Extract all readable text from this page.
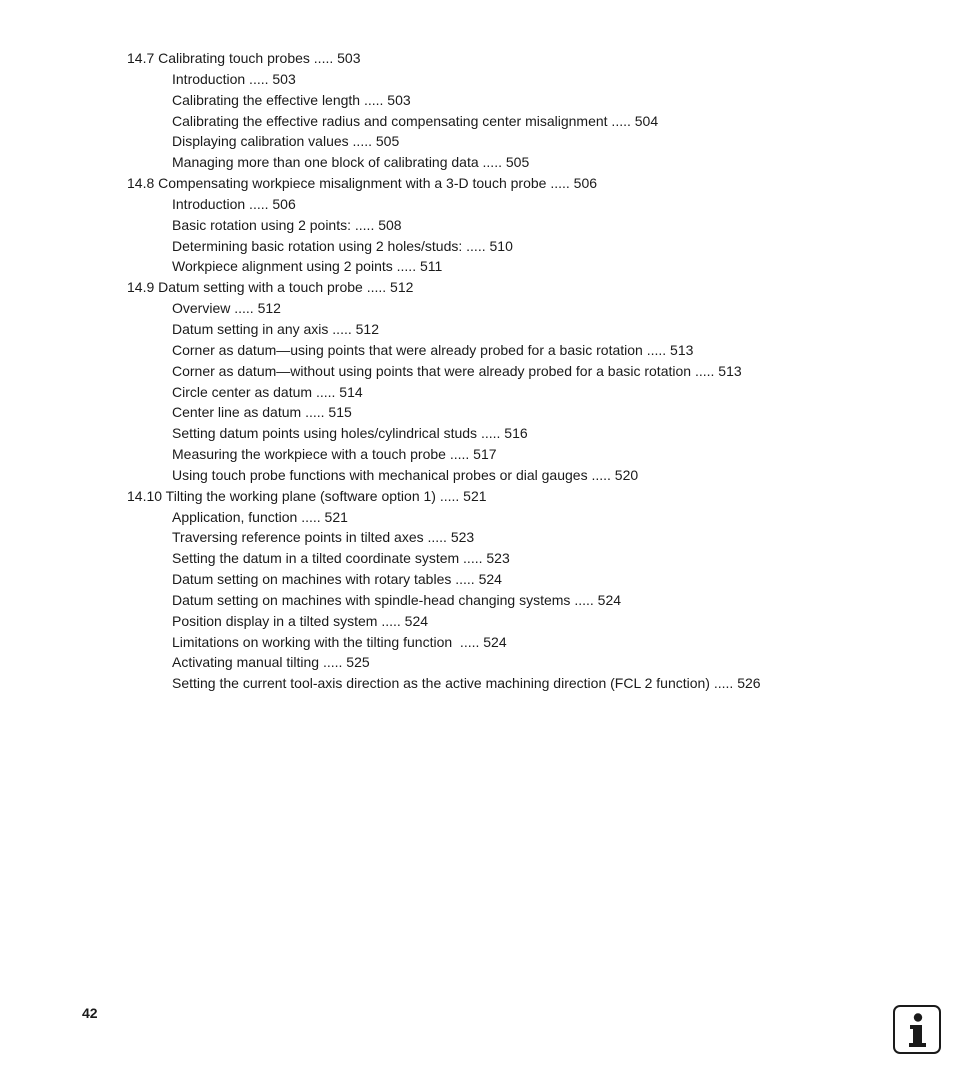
14.7 Calibrating touch probes ..... 503
Introduction ..... 503
Calibrating the effective length ..... 503
Calibrating the effective radius and compensating center misalignment ..... 504
Displaying calibration values ..... 505
Managing more than one block of calibrating data ..... 505
14.8 Compensating workpiece misalignment with a 3-D touch probe ..... 506
Introduction ..... 506
Basic rotation using 2 points: ..... 508
Determining basic rotation using 2 holes/studs: ..... 510
Workpiece alignment using 2 points ..... 511
14.9 Datum setting with a touch probe ..... 512
Overview ..... 512
Datum setting in any axis ..... 512
Corner as datum—using points that were already probed for a basic rotation ..... 513
Corner as datum—without using points that were already probed for a basic rotation ..... 513
Circle center as datum ..... 514
Center line as datum ..... 515
Setting datum points using holes/cylindrical studs ..... 516
Measuring the workpiece with a touch probe ..... 517
Using touch probe functions with mechanical probes or dial gauges ..... 520
14.10 Tilting the working plane (software option 1) ..... 521
Application, function ..... 521
Traversing reference points in tilted axes ..... 523
Setting the datum in a tilted coordinate system ..... 523
Datum setting on machines with rotary tables ..... 524
Datum setting on machines with spindle-head changing systems ..... 524
Position display in a tilted system ..... 524
Limitations on working with the tilting function  ..... 524
Activating manual tilting ..... 525
Setting the current tool-axis direction as the active machining direction (FCL 2 function) ..... 526
42
